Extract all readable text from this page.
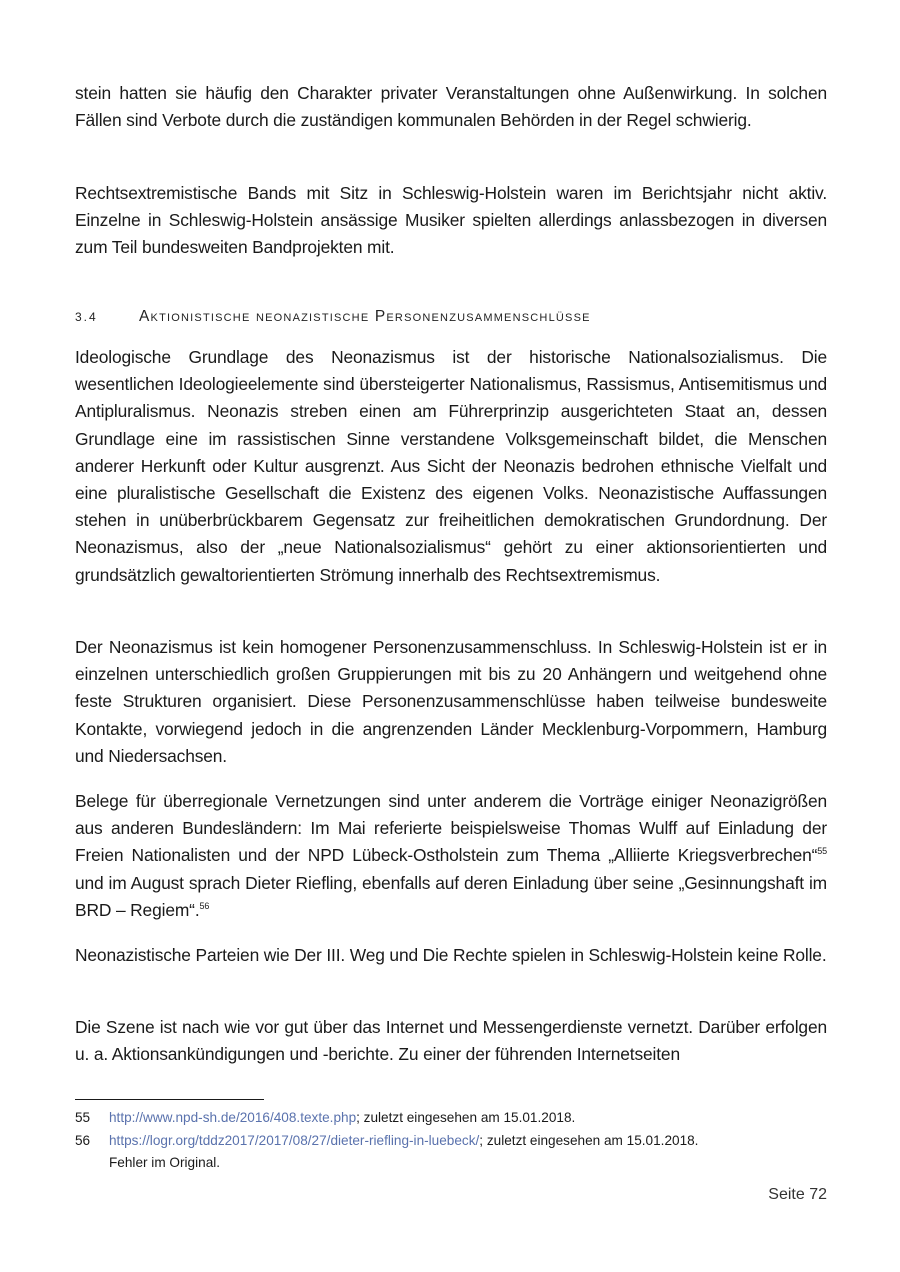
stein hatten sie häufig den Charakter privater Veranstaltungen ohne Außenwirkung. In solchen Fällen sind Verbote durch die zuständigen kommunalen Behörden in der Regel schwierig.

Rechtsextremistische Bands mit Sitz in Schleswig-Holstein waren im Berichtsjahr nicht aktiv. Einzelne in Schleswig-Holstein ansässige Musiker spielten allerdings anlassbezogen in diversen zum Teil bundesweiten Bandprojekten mit.

3.4	Aktionistische neonazistische Personenzusammenschlüsse

Ideologische Grundlage des Neonazismus ist der historische Nationalsozialismus. Die wesentlichen Ideologieelemente sind übersteigerter Nationalismus, Rassismus, Antisemitismus und Antipluralismus. Neonazis streben einen am Führerprinzip ausgerichteten Staat an, dessen Grundlage eine im rassistischen Sinne verstandene Volksgemeinschaft bildet, die Menschen anderer Herkunft oder Kultur ausgrenzt. Aus Sicht der Neonazis bedrohen ethnische Vielfalt und eine pluralistische Gesellschaft die Existenz des eigenen Volks. Neonazistische Auffassungen stehen in unüberbrückbarem Gegensatz zur freiheitlichen demokratischen Grundordnung. Der Neonazismus, also der „neue Nationalsozialismus“ gehört zu einer aktionsorientierten und grundsätzlich gewaltorientierten Strömung innerhalb des Rechtsextremismus.

Der Neonazismus ist kein homogener Personenzusammenschluss. In Schleswig-Holstein ist er in einzelnen unterschiedlich großen Gruppierungen mit bis zu 20 Anhängern und weitgehend ohne feste Strukturen organisiert. Diese Personenzusammenschlüsse haben teilweise bundesweite Kontakte, vorwiegend jedoch in die angrenzenden Länder Mecklenburg-Vorpommern, Hamburg und Niedersachsen.

Belege für überregionale Vernetzungen sind unter anderem die Vorträge einiger Neonazigrößen aus anderen Bundesländern: Im Mai referierte beispielsweise Thomas Wulff auf Einladung der Freien Nationalisten und der NPD Lübeck-Ostholstein zum Thema „Alliierte Kriegsverbrechen“$^{55}$ und im August sprach Dieter Riefling, ebenfalls auf deren Einladung über seine „Gesinnungshaft im BRD – Regiem“.$^{56}$

Neonazistische Parteien wie Der III. Weg und Die Rechte spielen in Schleswig-Holstein keine Rolle.

Die Szene ist nach wie vor gut über das Internet und Messengerdienste vernetzt. Darüber erfolgen u. a. Aktionsankündigungen und -berichte. Zu einer der führenden Internetseiten

55	http://www.npd-sh.de/2016/408.texte.php; zuletzt eingesehen am 15.01.2018.
56	https://logr.org/tddz2017/2017/08/27/dieter-riefling-in-luebeck/; zuletzt eingesehen am 15.01.2018.
Fehler im Original.
Seite 72
